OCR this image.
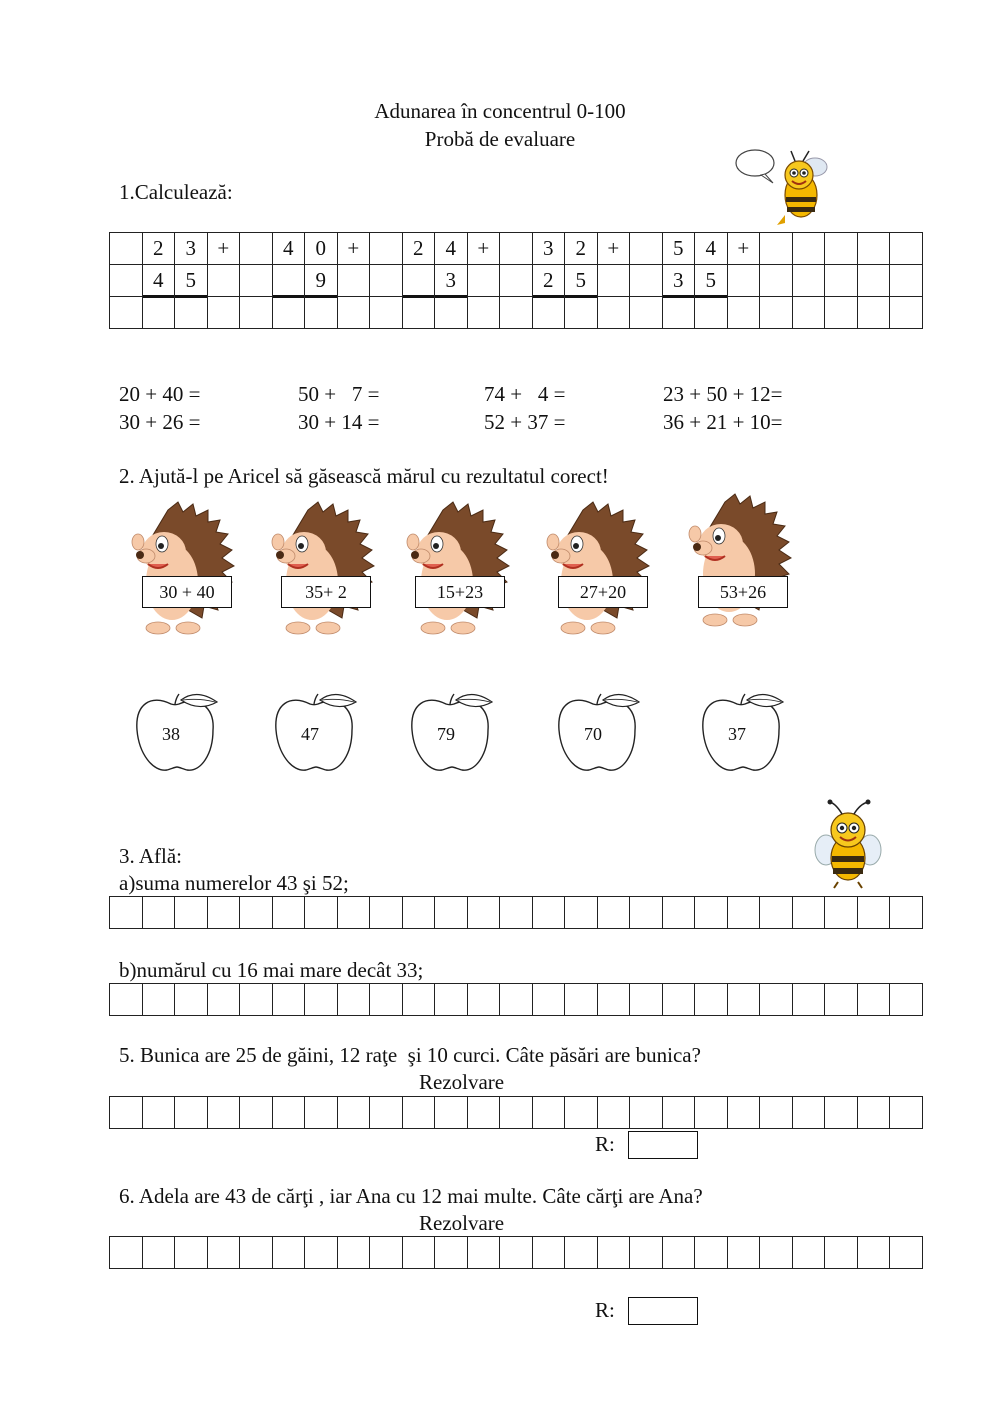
Adunarea în concentrul 0-100
Probă de evaluare
1.Calculează:
	2	3	+		4	0	+		2	4	+		3	2	+		5	4	+					
	4	5				9				3			2	5			3	5

20 + 40 =	50 +   7 =	74 +   4 =	23 + 50 + 12=
30 + 26 =	30 + 14 =	52 + 37 =	36 + 21 + 10=
2. Ajută-l pe Aricel să găsească mărul cu rezultatul corect!
30 + 40	35+ 2	15+23	27+20	53+26
38	47	79	70	37
3. Află:
a)suma numerelor 43 şi 52;

b)numărul cu 16 mai mare decât 33;

5. Bunica are 25 de găini, 12 raţe  şi 10 curci. Câte păsări are bunica?
Rezolvare

R:
6. Adela are 43 de cărţi , iar Ana cu 12 mai multe. Câte cărţi are Ana?
Rezolvare

R:
